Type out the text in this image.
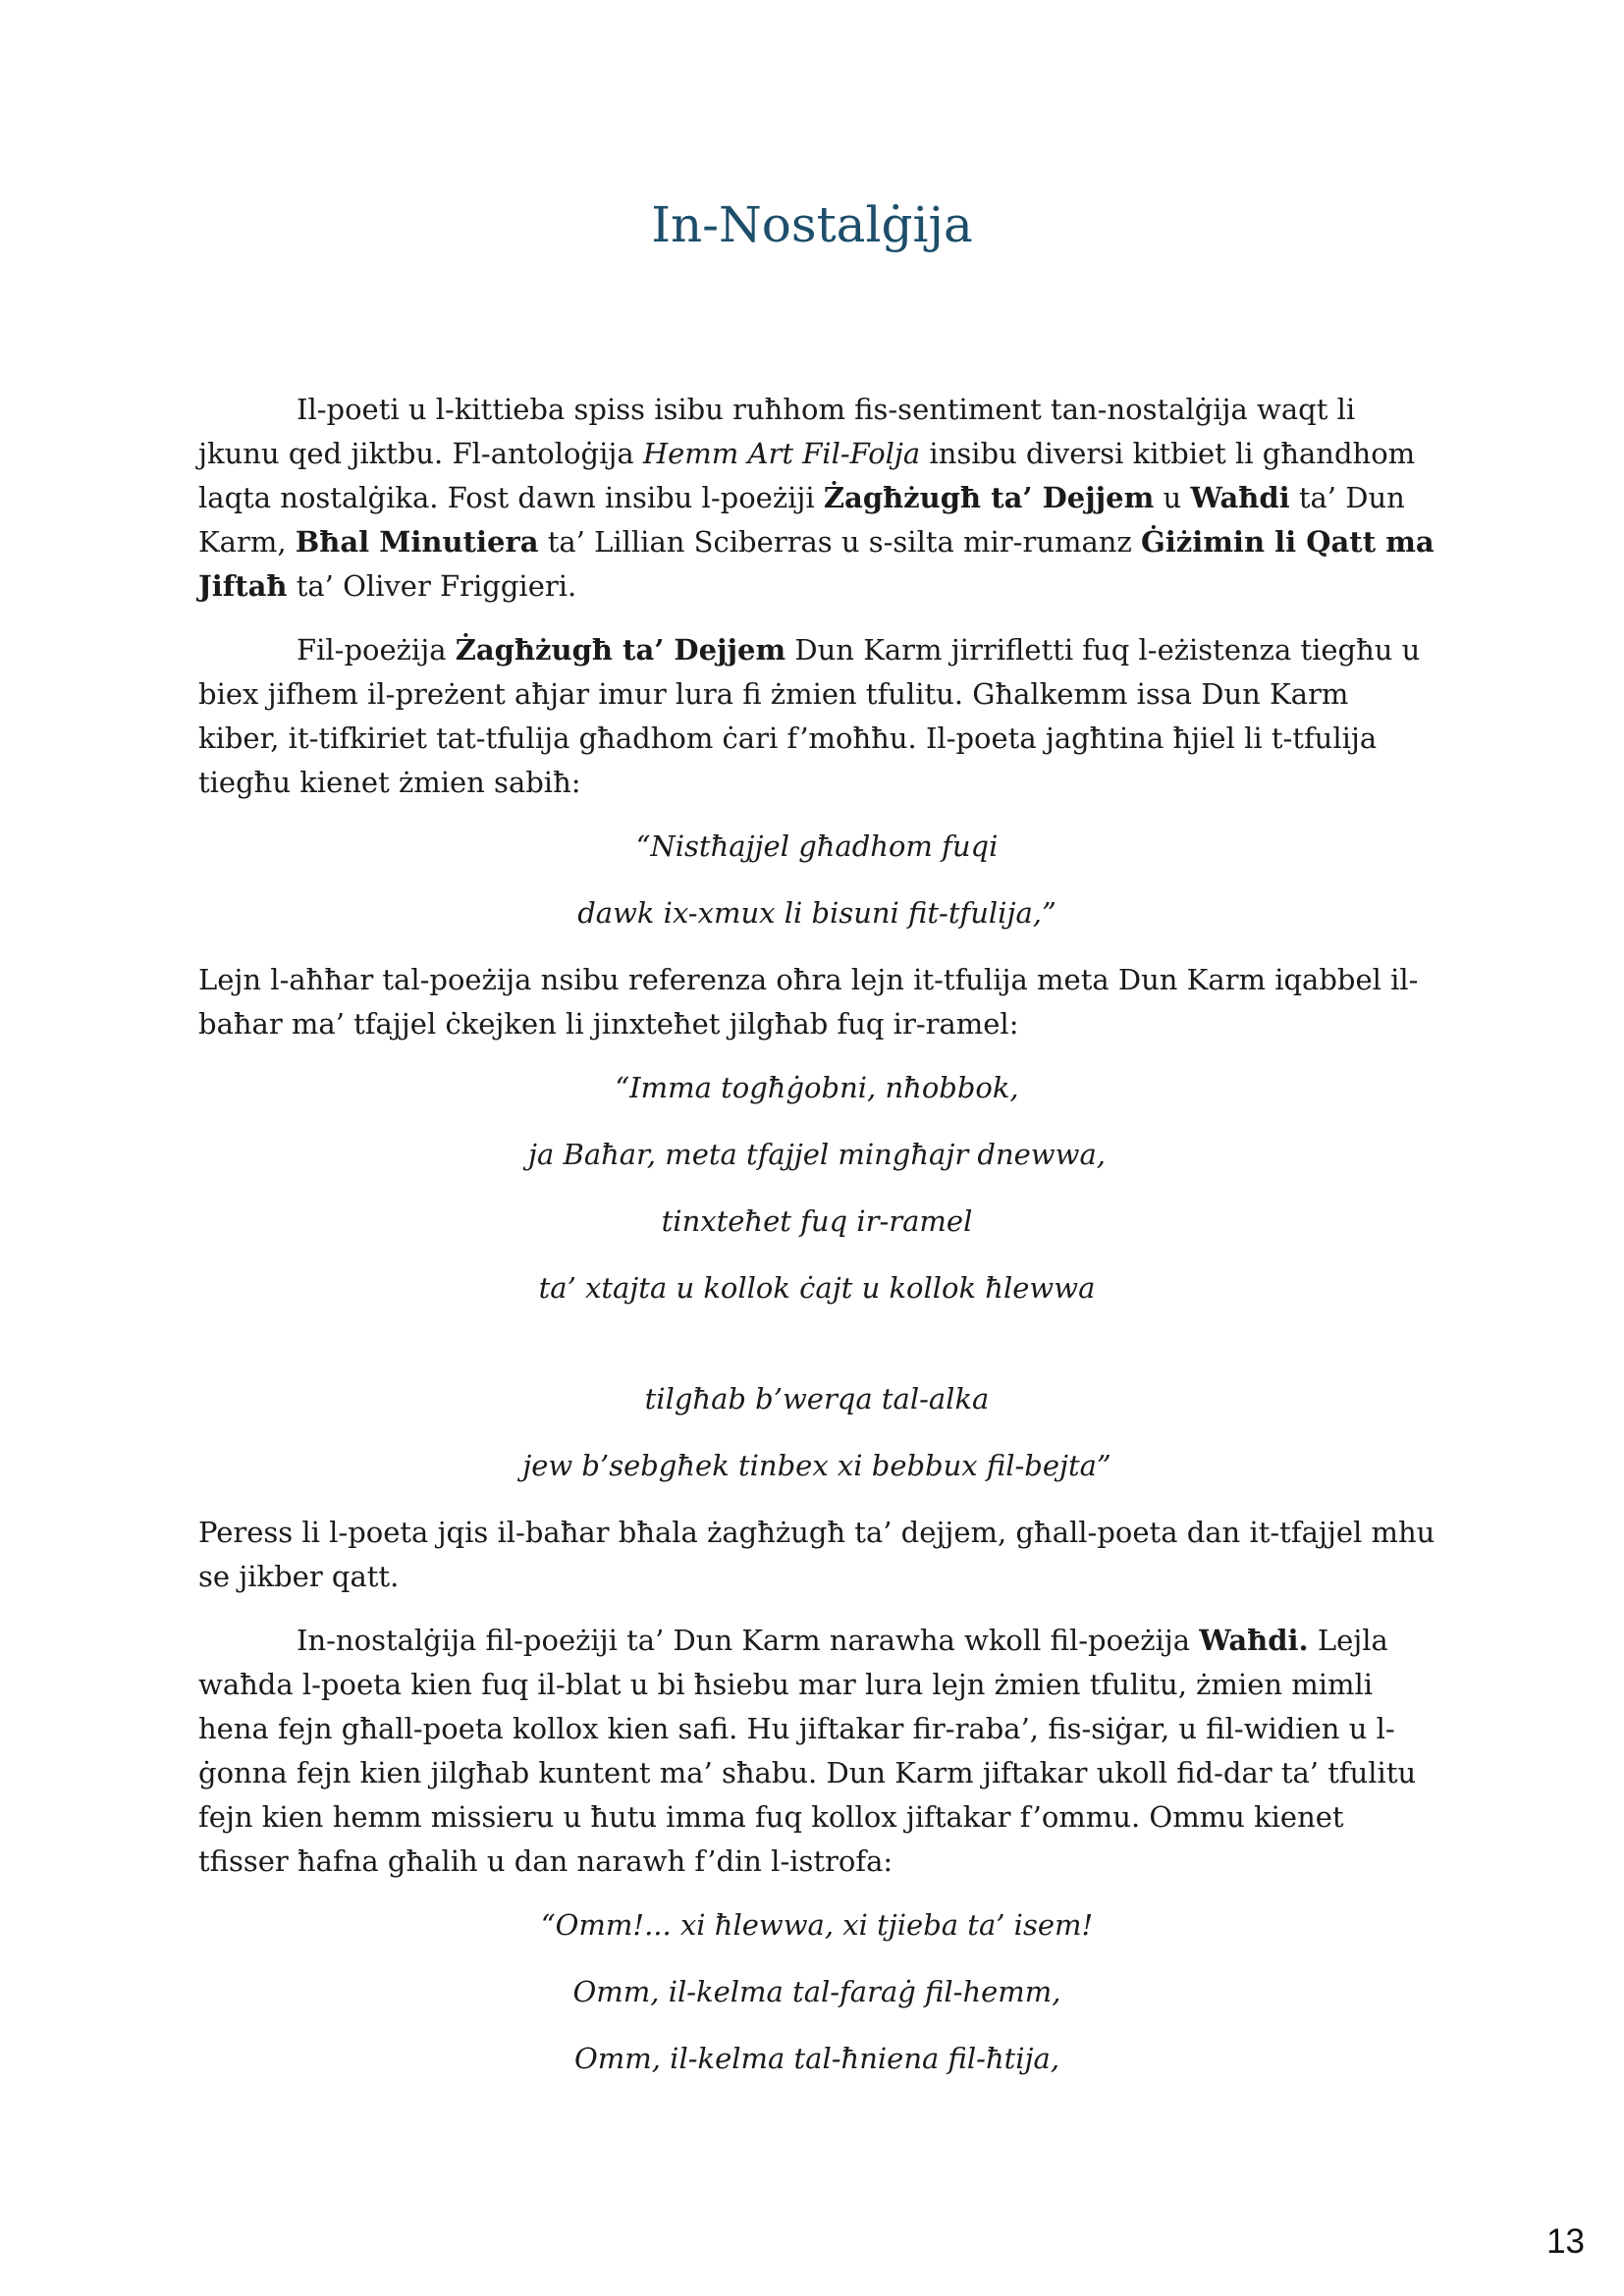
In-Nostalġija

Il-poeti u l-kittieba spiss isibu ruħhom fis-sentiment tan-nostalġija waqt li jkunu qed jiktbu. Fl-antoloġija Hemm Art Fil-Folja insibu diversi kitbiet li għandhom laqta nostalġika. Fost dawn insibu l-poeżiji Żagħżugħ ta’ Dejjem u Waħdi ta’ Dun Karm, Bħal Minutiera ta’ Lillian Sciberras u s-silta mir-rumanz Ġiżimin li Qatt ma Jiftaħ ta’ Oliver Friggieri.

Fil-poeżija Żagħżugħ ta’ Dejjem Dun Karm jirrifletti fuq l-eżistenza tiegħu u biex jifhem il-preżent aħjar imur lura fi żmien tfulitu. Għalkemm issa Dun Karm kiber, it-tifkiriet tat-tfulija għadhom ċari f’moħħu. Il-poeta jagħtina ħjiel li t-tfulija tiegħu kienet żmien sabiħ:

“Nistħajjel għadhom fuqi
dawk ix-xmux li bisuni fit-tfulija,”

Lejn l-aħħar tal-poeżija nsibu referenza oħra lejn it-tfulija meta Dun Karm iqabbel il-baħar ma’ tfajjel ċkejken li jinxteħet jilgħab fuq ir-ramel:

“Imma togħġobni, nħobbok,
ja Baħar, meta tfajjel mingħajr dnewwa,
tinxteħet fuq ir-ramel
ta’ xtajta u kollok ċajt u kollok ħlewwa
tilgħab b’werqa tal-alka
jew b’sebgħek tinbex xi bebbux fil-bejta”

Peress li l-poeta jqis il-baħar bħala żagħżugħ ta’ dejjem, għall-poeta dan it-tfajjel mhu se jikber qatt.

In-nostalġija fil-poeżiji ta’ Dun Karm narawha wkoll fil-poeżija Waħdi. Lejla waħda l-poeta kien fuq il-blat u bi ħsiebu mar lura lejn żmien tfulitu, żmien mimli hena fejn għall-poeta kollox kien safi. Hu jiftakar fir-raba’, fis-siġar, u fil-widien u l-ġonna fejn kien jilgħab kuntent ma’ sħabu. Dun Karm jiftakar ukoll fid-dar ta’ tfulitu fejn kien hemm missieru u ħutu imma fuq kollox jiftakar f’ommu. Ommu kienet tfisser ħafna għalih u dan narawh f’din l-istrofa:

“Omm!... xi ħlewwa, xi tjieba ta’ isem!
Omm, il-kelma tal-faraġ fil-hemm,
Omm, il-kelma tal-ħniena fil-ħtija,
13
